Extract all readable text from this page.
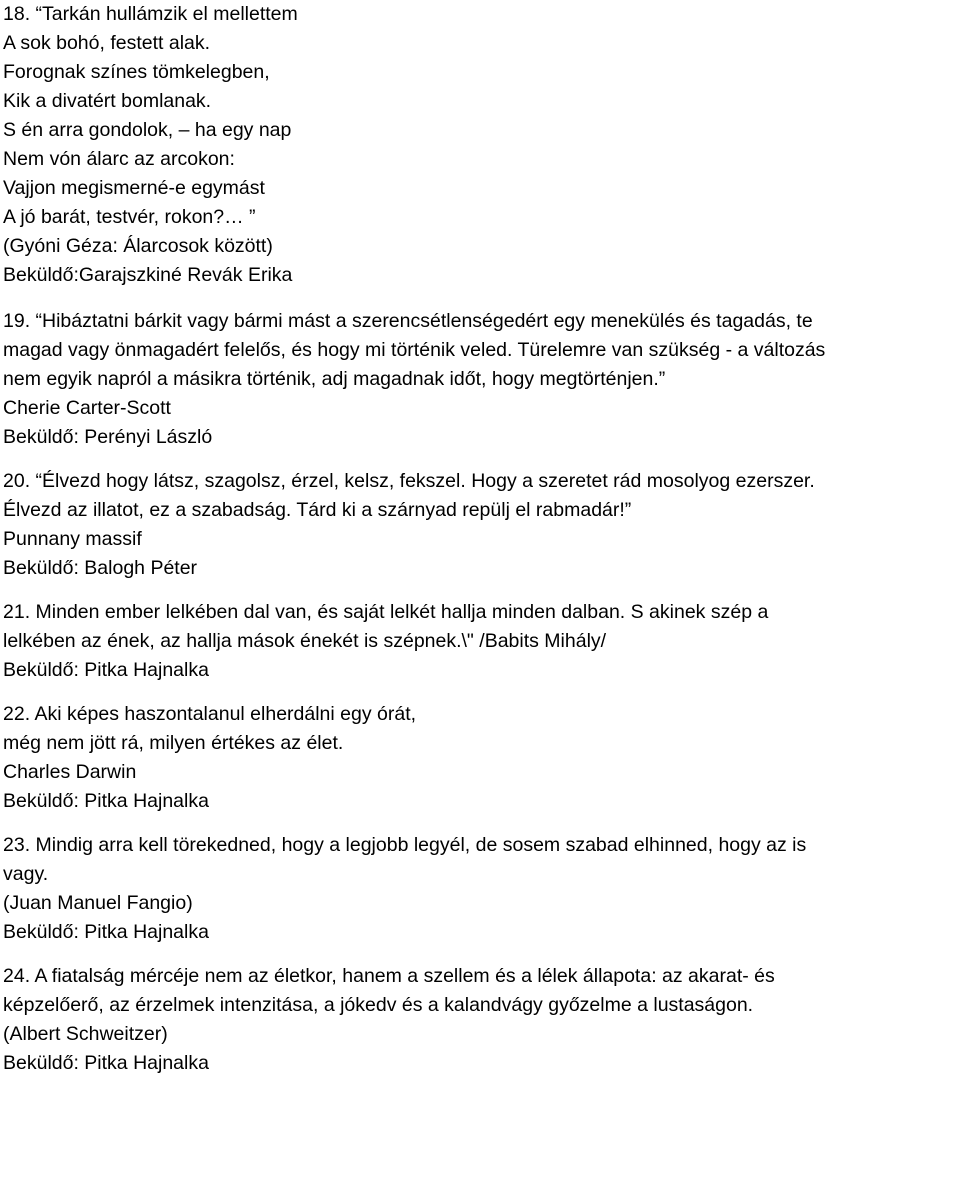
18. “Tarkán hullámzik el mellettem
A sok bohó, festett alak.
Forognak színes tömkelegben,
Kik a divatért bomlanak.
S én arra gondolok, – ha egy nap
Nem vón álarc az arcokon:
Vajjon megismerné-e egymást
A jó barát, testvér, rokon?… ”
(Gyóni Géza: Álarcosok között)
Beküldő:Garajszkiné Revák Erika
19. “Hibáztatni bárkit vagy bármi mást a szerencsétlenségedért egy menekülés és tagadás, te
magad vagy önmagadért felelős, és hogy mi történik veled. Türelemre van szükség - a változás
nem egyik napról a másikra történik, adj magadnak időt, hogy megtörténjen.”
Cherie Carter-Scott
Beküldő: Perényi László
20. “Élvezd hogy látsz, szagolsz, érzel, kelsz, fekszel. Hogy a szeretet rád mosolyog ezerszer.
Élvezd az illatot, ez a szabadság. Tárd ki a szárnyad repülj el rabmadár!”
Punnany massif
Beküldő: Balogh Péter
21. Minden ember lelkében dal van, és saját lelkét hallja minden dalban. S akinek szép a
lelkében az ének, az hallja mások énekét is szépnek.\" /Babits Mihály/
Beküldő: Pitka Hajnalka
22. Aki képes haszontalanul elherdálni egy órát,
még nem jött rá, milyen értékes az élet.
Charles Darwin
Beküldő: Pitka Hajnalka
23. Mindig arra kell törekedned, hogy a legjobb legyél, de sosem szabad elhinned, hogy az is
vagy.
(Juan Manuel Fangio)
Beküldő: Pitka Hajnalka
24. A fiatalság mércéje nem az életkor, hanem a szellem és a lélek állapota: az akarat- és
képzelőerő, az érzelmek intenzitása, a jókedv és a kalandvágy győzelme a lustaságon.
(Albert Schweitzer)
Beküldő: Pitka Hajnalka
